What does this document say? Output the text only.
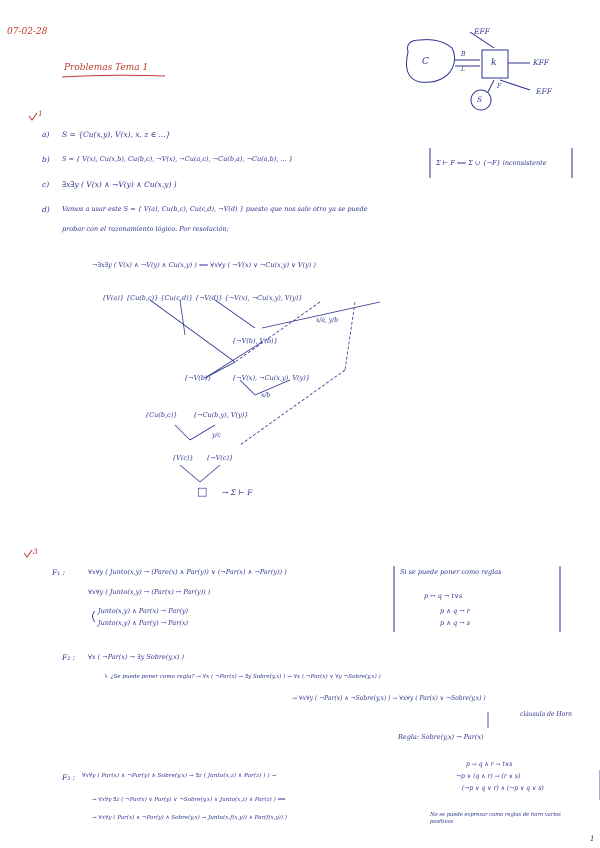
07-02-28
Problemas Tema 1
C	k
S
EFF
KFF
EFF
B
L
F
1
a) S = {Cu(x,y), V(x), x, z ∈ ...}
b) S = { V(x), Cu(x,b), Cu(b,c), ¬V(x), ¬Cu(a,c), ¬Cu(b,a), ¬Cu(a,b), ... }	Σ ⊢ F ⟺ Σ ∪ {¬F} inconsistente
c) ∃x∃y ( V(x) ∧ ¬V(y) ∧ Cu(x,y) )
d) Vamos a usar este S = { V(a), Cu(b,c), Cu(c,d), ¬V(d) } puesto que nos sale otro ya se puede
probar con el razonamiento lógico. Por resolución:
¬∃x∃y ( V(x) ∧ ¬V(y) ∧ Cu(x,y) ) ⟺ ∀x∀y ( ¬V(x) ∨ ¬Cu(x,y) ∨ V(y) )
{V(a)} {Cu(b,c)} {Cu(c,d)} {¬V(d)} {¬V(x), ¬Cu(x,y), V(y)}
x/a, y/b
{¬V(b), V(b)}
{¬V(b)}	{¬V(x), ¬Cu(x,y), V(y)}
x/b
{Cu(b,c)} {¬Cu(b,y), V(y)}
y/c
{V(c)} {¬V(c)}
□ → Σ ⊢ F
3
F₁ :	∀x∀y ( Junto(x,y) → (Pare(x) ∧ Par(y)) ∨ (¬Par(x) ∧ ¬Par(y)) )
∀x∀y ( Junto(x,y) → (Par(x) ↔ Par(y)) )
Junto(x,y) ∧ Par(x) → Par(y)
Junto(x,y) ∧ Par(y) → Par(x)
Si se puede poner como reglas
p ↔ q → t∨s
p ∧ q → r
p ∧ q → s
F₂ : ∀x ( ¬Par(x) → ∃y Sobre(y,x) )
↳ ¿Se puede poner como regla? → ∀x ( ¬Par(x) → ∃y Sobre(y,x) ) → ∀x ( ¬Par(x) ∨ ∀y ¬Sobre(y,x) )
→ ∀x∀y ( ¬Par(x) ∧ ¬Sobre(y,x) ) → ∀x∀y ( Par(x) ∨ ¬Sobre(y,x) )
cláusula de Horn
Regla: Sobre(y,x) → Par(x)
F₃ : ∀x∀y ( Par(x) ∧ ¬Par(y) ∧ Sobre(y,x) → ∃z ( Junto(x,z) ∧ Par(z) ) ) →
→ ∀x∀y ∃z ( ¬Par(x) ∨ Par(y) ∨ ¬Sobre(y,x) ∨ Junto(x,z) ∧ Par(z) ) ⟺
→ ∀x∀y ( Par(x) ∧ ¬Par(y) ∧ Sobre(y,x) → Junto(x,f(x,y)) ∧ Par(f(x,y)) )
p → q ∧ r → t∨s
¬p ∨ (q ∧ r) → (r ∨ s)
(¬p ∨ q ∨ r) ∧ (¬p ∨ q ∨ s)
No se puede expresar como reglas de horn varios positivos
1
